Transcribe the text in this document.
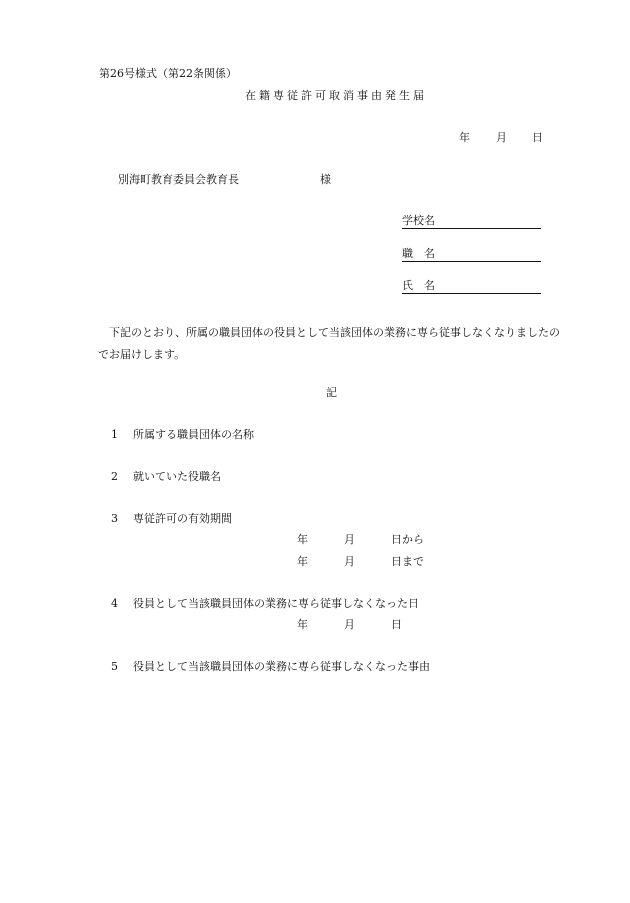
第26号様式（第22条関係）
在籍専従許可取消事由発生届
年 月 日
別海町教育委員会教育長	様
学校名
職　名
氏　名
下記のとおり、所属の職員団体の役員として当該団体の業務に専ら従事しなくなりましたのでお届けします。
記
1 所属する職員団体の名称
2 就いていた役職名
3 専従許可の有効期間
年	月	日から
年	月	日まで
4 役員として当該職員団体の業務に専ら従事しなくなった日
年	月	日
5 役員として当該職員団体の業務に専ら従事しなくなった事由
